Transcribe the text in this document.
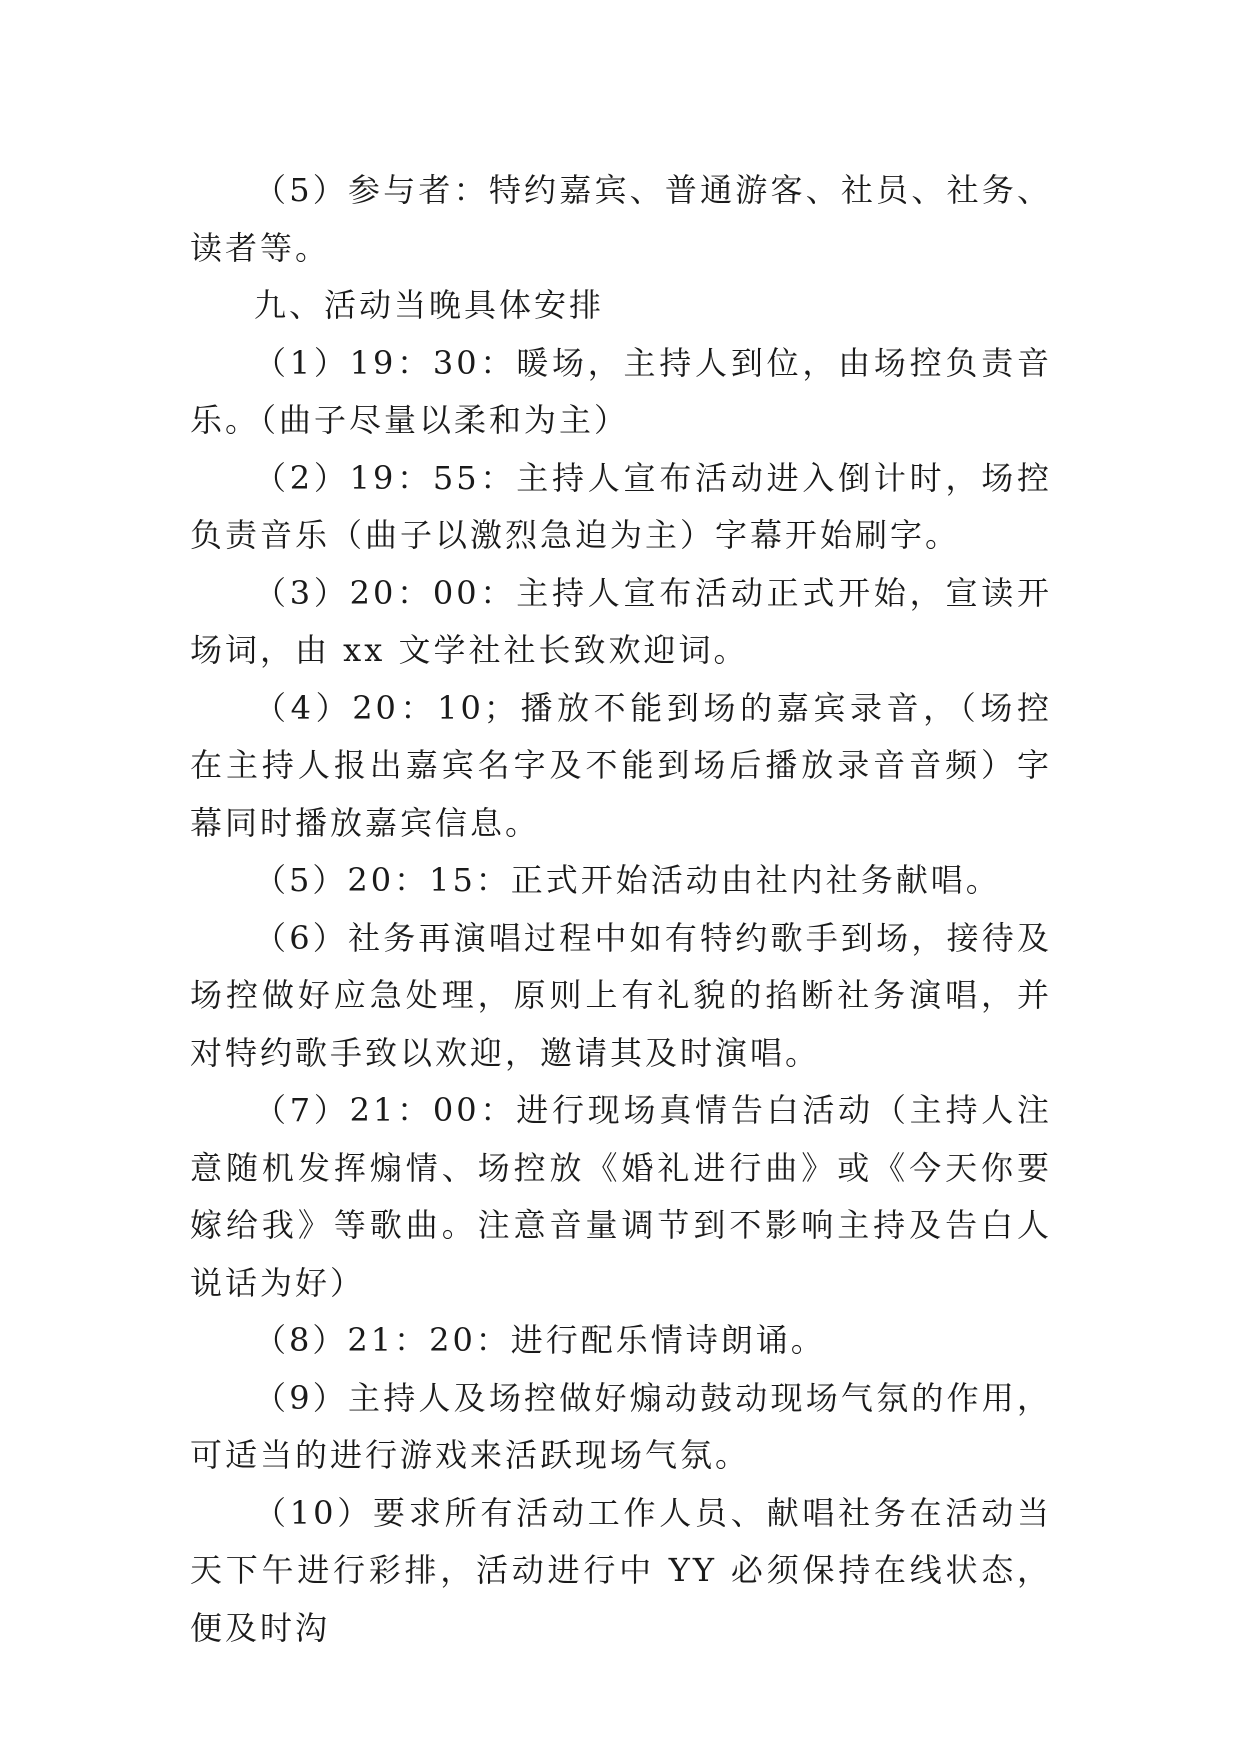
（5）参与者：特约嘉宾、普通游客、社员、社务、读者等。

九、活动当晚具体安排

（1）19：30：暖场，主持人到位，由场控负责音乐。（曲子尽量以柔和为主）

（2）19：55：主持人宣布活动进入倒计时，场控负责音乐（曲子以激烈急迫为主）字幕开始刷字。

（3）20：00：主持人宣布活动正式开始，宣读开场词，由 xx 文学社社长致欢迎词。

（4）20：10；播放不能到场的嘉宾录音，（场控在主持人报出嘉宾名字及不能到场后播放录音音频）字幕同时播放嘉宾信息。

（5）20：15：正式开始活动由社内社务献唱。

（6）社务再演唱过程中如有特约歌手到场，接待及场控做好应急处理，原则上有礼貌的掐断社务演唱，并对特约歌手致以欢迎，邀请其及时演唱。

（7）21：00：进行现场真情告白活动（主持人注意随机发挥煽情、场控放《婚礼进行曲》或《今天你要嫁给我》等歌曲。注意音量调节到不影响主持及告白人说话为好）

（8）21：20：进行配乐情诗朗诵。

（9）主持人及场控做好煽动鼓动现场气氛的作用，可适当的进行游戏来活跃现场气氛。

（10）要求所有活动工作人员、献唱社务在活动当天下午进行彩排，活动进行中 YY 必须保持在线状态，便及时沟
